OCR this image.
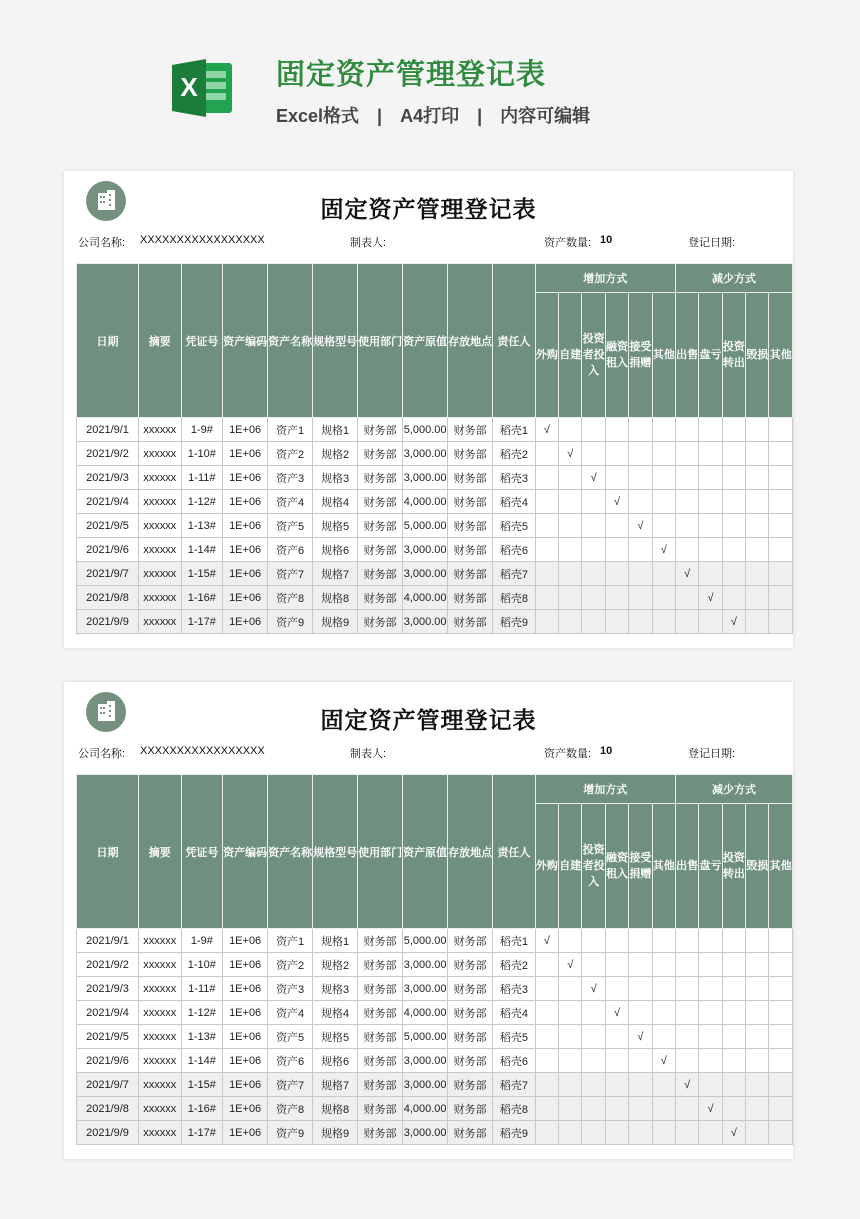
X	固定资产管理登记表
Excel格式 | A4打印 | 内容可编辑
固定资产管理登记表
公司名称: XXXXXXXXXXXXXXXXX	制表人:	资产数量: 10	登记日期:
日期	摘要	凭证号	资产编码	资产名称	规格型号	使用部门	资产原值	存放地点	责任人	增加方式						减少方式				
										外购	自建	投资者投入	融资租入	接受捐赠	其他	出售	盘亏	投资转出	毁损	其他
2021/9/1	xxxxxx	1-9#	1E+06	资产1	规格1	财务部	5,000.00	财务部	稻壳1	√										
2021/9/2	xxxxxx	1-10#	1E+06	资产2	规格2	财务部	3,000.00	财务部	稻壳2		√									
2021/9/3	xxxxxx	1-11#	1E+06	资产3	规格3	财务部	3,000.00	财务部	稻壳3			√								
2021/9/4	xxxxxx	1-12#	1E+06	资产4	规格4	财务部	4,000.00	财务部	稻壳4				√							
2021/9/5	xxxxxx	1-13#	1E+06	资产5	规格5	财务部	5,000.00	财务部	稻壳5					√						
2021/9/6	xxxxxx	1-14#	1E+06	资产6	规格6	财务部	3,000.00	财务部	稻壳6						√					
2021/9/7	xxxxxx	1-15#	1E+06	资产7	规格7	财务部	3,000.00	财务部	稻壳7							√				
2021/9/8	xxxxxx	1-16#	1E+06	资产8	规格8	财务部	4,000.00	财务部	稻壳8								√			
2021/9/9	xxxxxx	1-17#	1E+06	资产9	规格9	财务部	3,000.00	财务部	稻壳9									√		
固定资产管理登记表
公司名称: XXXXXXXXXXXXXXXXX	制表人:	资产数量: 10	登记日期:
日期	摘要	凭证号	资产编码	资产名称	规格型号	使用部门	资产原值	存放地点	责任人	增加方式						减少方式				
										外购	自建	投资者投入	融资租入	接受捐赠	其他	出售	盘亏	投资转出	毁损	其他
2021/9/1	xxxxxx	1-9#	1E+06	资产1	规格1	财务部	5,000.00	财务部	稻壳1	√										
2021/9/2	xxxxxx	1-10#	1E+06	资产2	规格2	财务部	3,000.00	财务部	稻壳2		√									
2021/9/3	xxxxxx	1-11#	1E+06	资产3	规格3	财务部	3,000.00	财务部	稻壳3			√								
2021/9/4	xxxxxx	1-12#	1E+06	资产4	规格4	财务部	4,000.00	财务部	稻壳4				√							
2021/9/5	xxxxxx	1-13#	1E+06	资产5	规格5	财务部	5,000.00	财务部	稻壳5					√						
2021/9/6	xxxxxx	1-14#	1E+06	资产6	规格6	财务部	3,000.00	财务部	稻壳6						√					
2021/9/7	xxxxxx	1-15#	1E+06	资产7	规格7	财务部	3,000.00	财务部	稻壳7							√				
2021/9/8	xxxxxx	1-16#	1E+06	资产8	规格8	财务部	4,000.00	财务部	稻壳8								√			
2021/9/9	xxxxxx	1-17#	1E+06	资产9	规格9	财务部	3,000.00	财务部	稻壳9									√		
